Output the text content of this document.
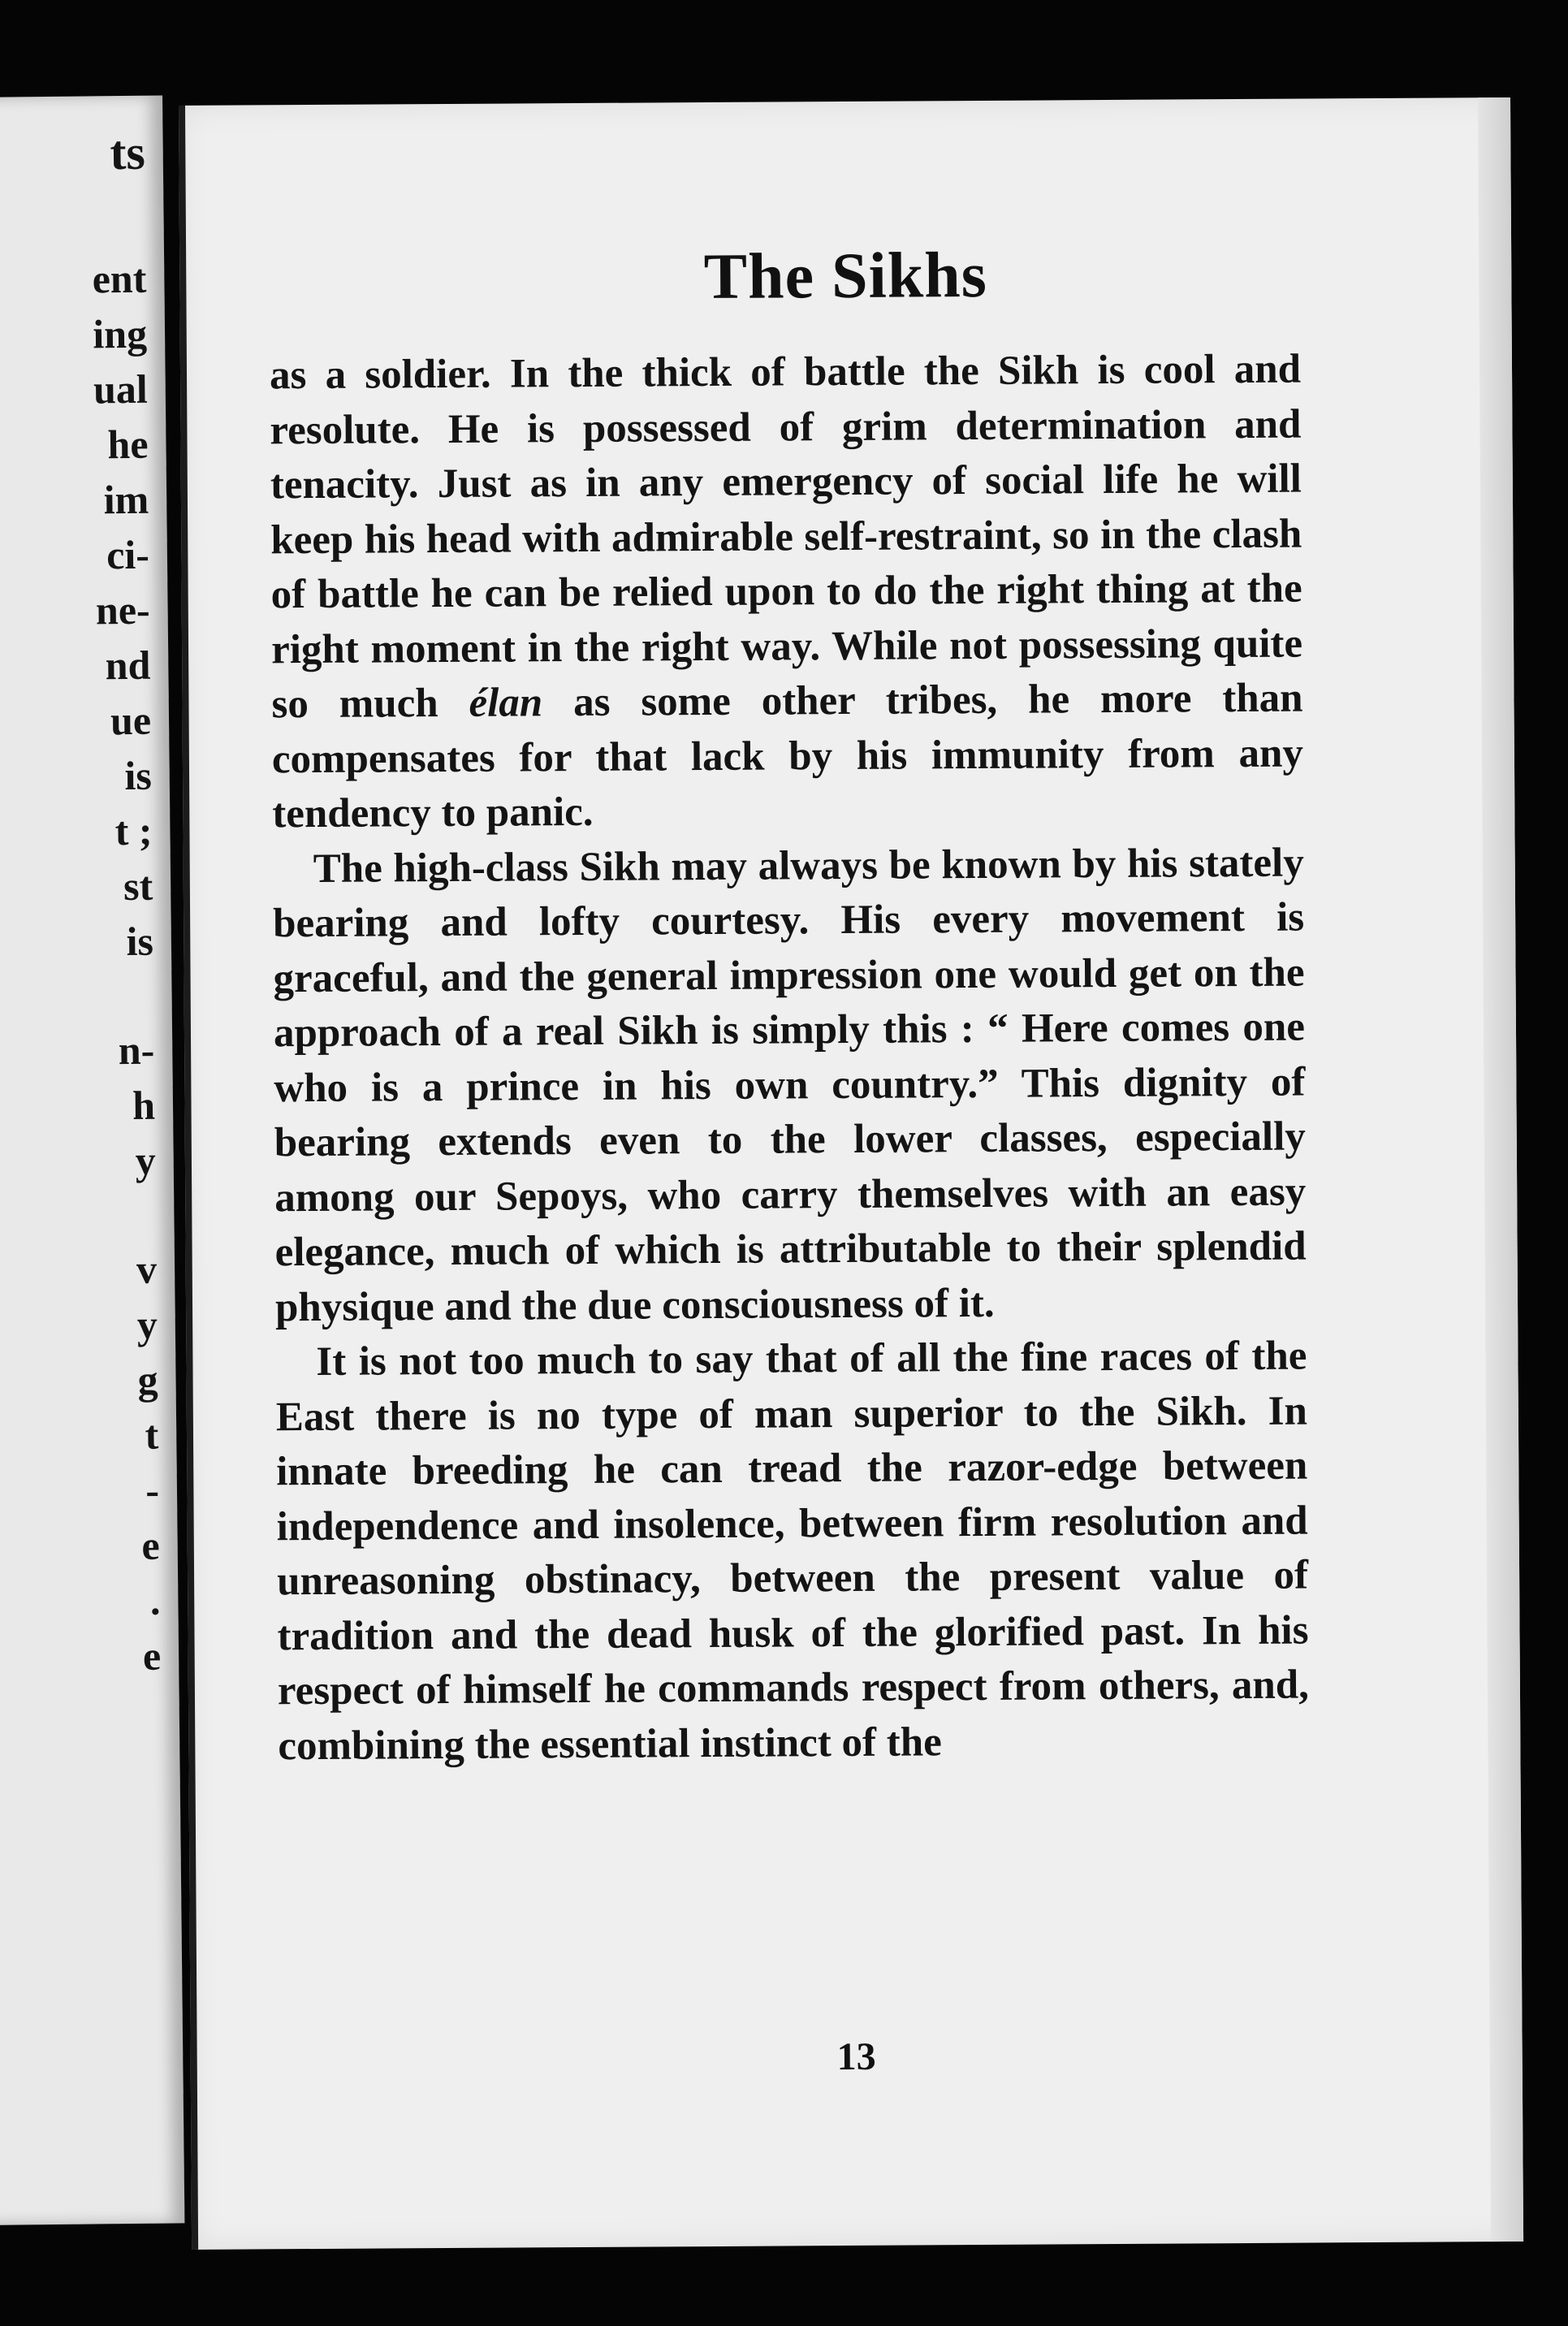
ts
ent
ing
ual
he
im
ci-
ne-
nd
ue
is
t ;
st
is
n-
h
y
v
y
g
t
-
e
.
e
The Sikhs

as a soldier. In the thick of battle the Sikh is cool and resolute. He is possessed of grim determination and tenacity. Just as in any emergency of social life he will keep his head with admirable self-restraint, so in the clash of battle he can be relied upon to do the right thing at the right moment in the right way. While not possessing quite so much élan as some other tribes, he more than compensates for that lack by his immunity from any tendency to panic.

The high-class Sikh may always be known by his stately bearing and lofty courtesy. His every movement is graceful, and the general impression one would get on the approach of a real Sikh is simply this : “ Here comes one who is a prince in his own country.” This dignity of bearing extends even to the lower classes, especially among our Sepoys, who carry themselves with an easy elegance, much of which is attributable to their splendid physique and the due consciousness of it.

It is not too much to say that of all the fine races of the East there is no type of man superior to the Sikh. In innate breeding he can tread the razor-edge between independence and insolence, between firm resolution and unreasoning obstinacy, between the present value of tradition and the dead husk of the glorified past. In his respect of himself he commands respect from others, and, combining the essential instinct of the

13
